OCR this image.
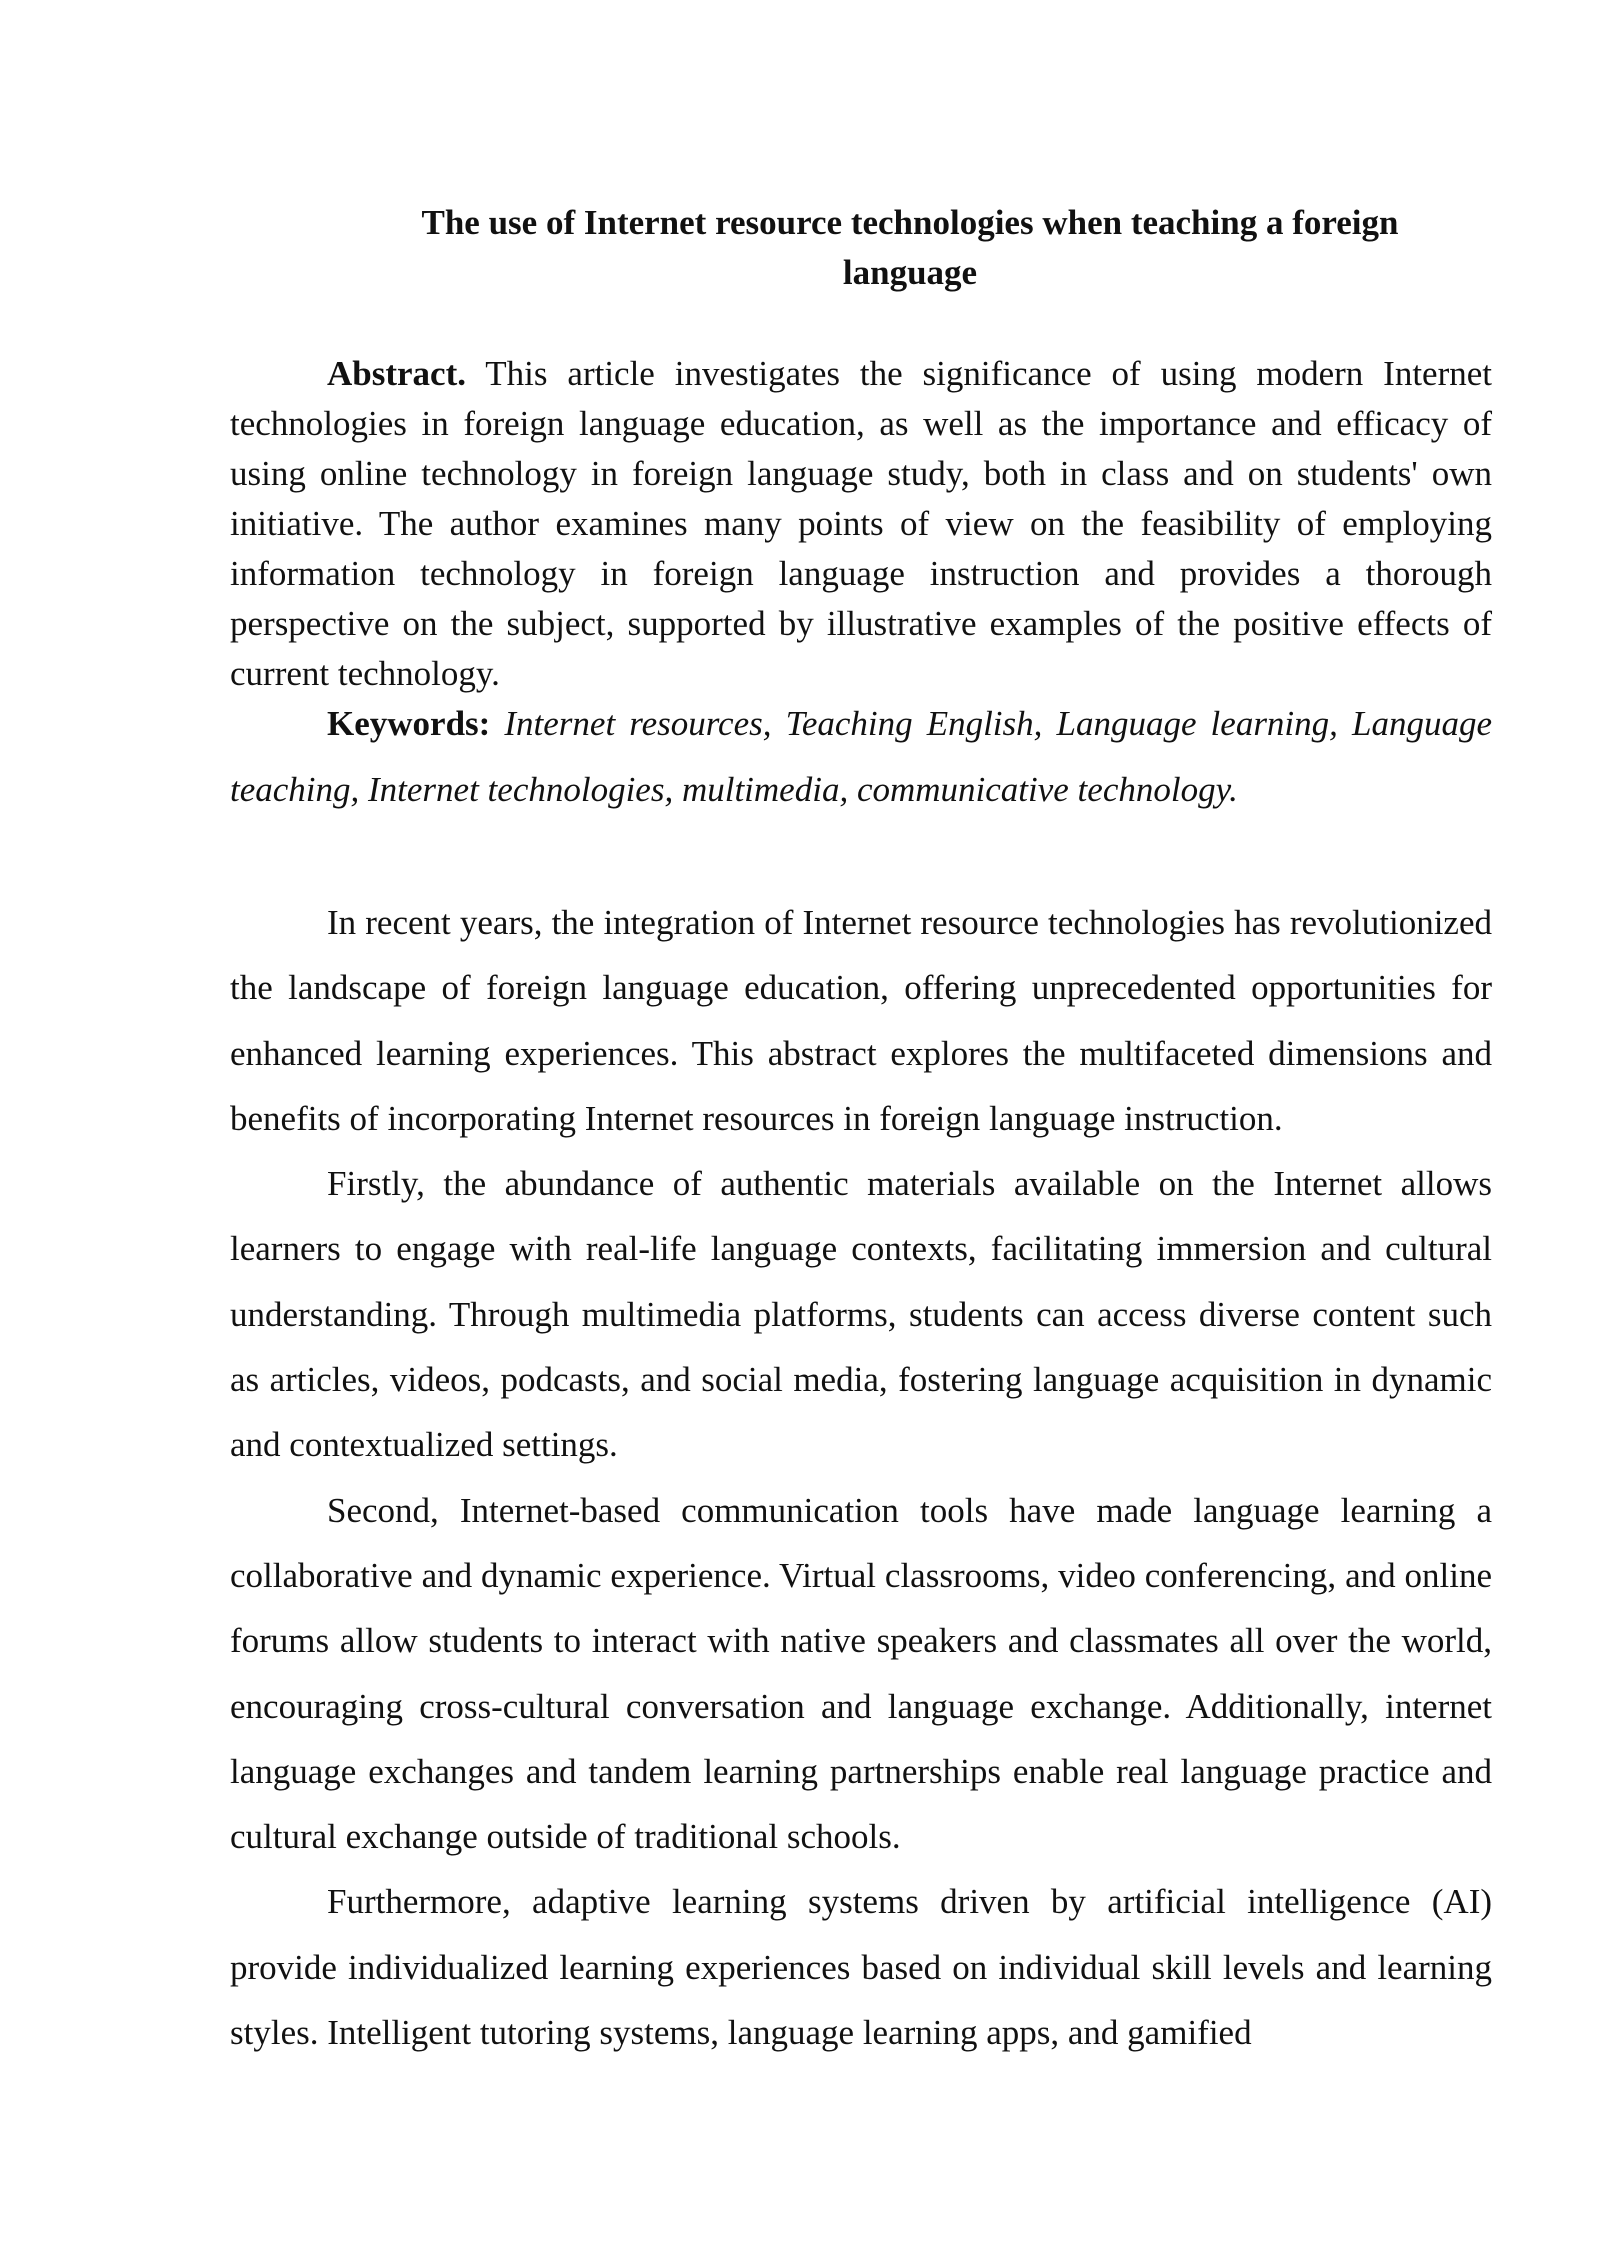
The use of Internet resource technologies when teaching a foreign language

Abstract. This article investigates the significance of using modern Internet technologies in foreign language education, as well as the importance and efficacy of using online technology in foreign language study, both in class and on students' own initiative. The author examines many points of view on the feasibility of employing information technology in foreign language instruction and provides a thorough perspective on the subject, supported by illustrative examples of the positive effects of current technology.

Keywords: Internet resources, Teaching English, Language learning, Language teaching, Internet technologies, multimedia, communicative technology.

In recent years, the integration of Internet resource technologies has revolutionized the landscape of foreign language education, offering unprecedented opportunities for enhanced learning experiences. This abstract explores the multifaceted dimensions and benefits of incorporating Internet resources in foreign language instruction.

Firstly, the abundance of authentic materials available on the Internet allows learners to engage with real-life language contexts, facilitating immersion and cultural understanding. Through multimedia platforms, students can access diverse content such as articles, videos, podcasts, and social media, fostering language acquisition in dynamic and contextualized settings.

Second, Internet-based communication tools have made language learning a collaborative and dynamic experience. Virtual classrooms, video conferencing, and online forums allow students to interact with native speakers and classmates all over the world, encouraging cross-cultural conversation and language exchange. Additionally, internet language exchanges and tandem learning partnerships enable real language practice and cultural exchange outside of traditional schools.

Furthermore, adaptive learning systems driven by artificial intelligence (AI) provide individualized learning experiences based on individual skill levels and learning styles. Intelligent tutoring systems, language learning apps, and gamified
